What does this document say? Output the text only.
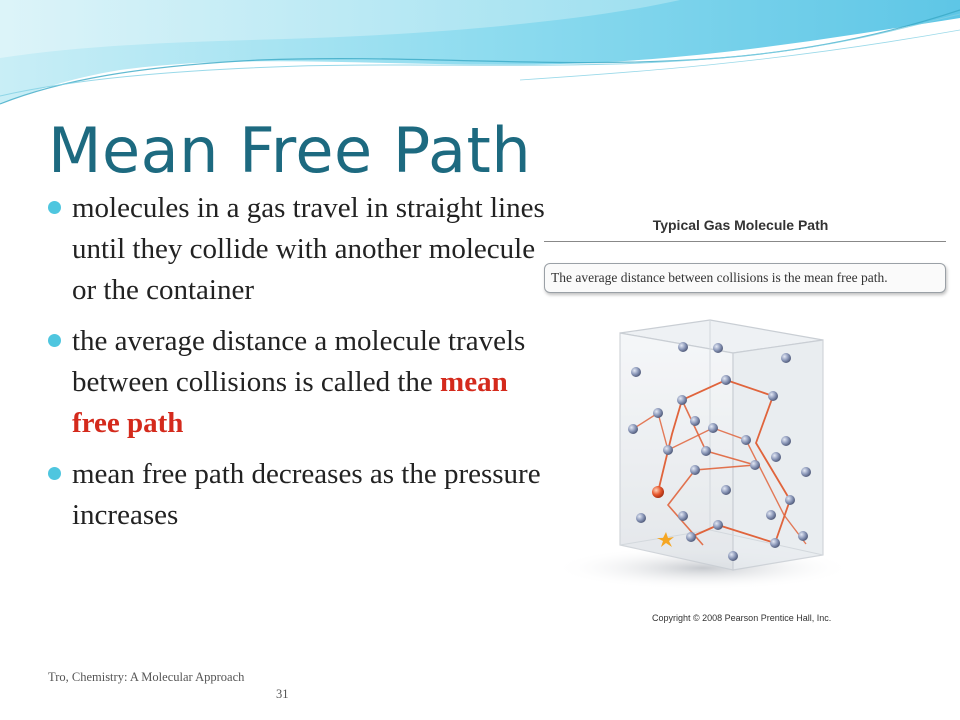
Mean Free Path
molecules in a gas travel in straight lines until they collide with another molecule or the container
the average distance a molecule travels between collisions is called the mean free path
mean free path decreases as the pressure increases
Typical Gas Molecule Path
The average distance between collisions is the mean free path.
Copyright © 2008 Pearson Prentice Hall, Inc.
Tro, Chemistry: A Molecular Approach
31
